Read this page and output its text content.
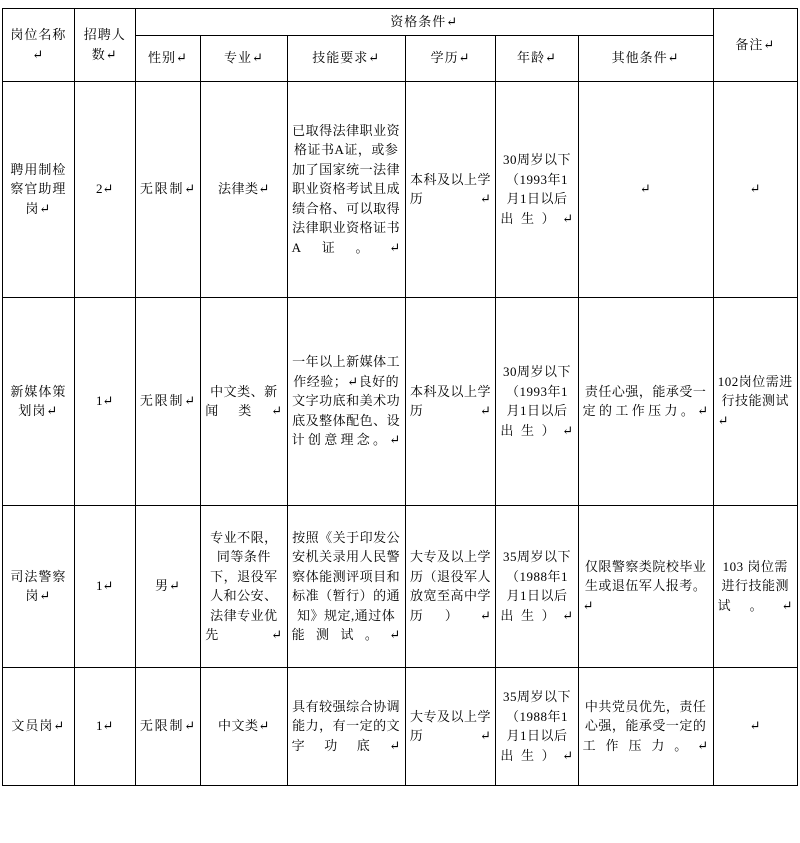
岗位名称↵	招聘人数↵	资格条件↵						备注↵
		性别↵	专业↵	技能要求↵	学历↵	年龄↵	其他条件↵	
聘用制检察官助理岗↵	2↵	无限制↵	法律类↵	已取得法律职业资格证书A证，或参加了国家统一法律职业资格考试且成绩合格、可以取得法律职业资格证书A证。↵	本科及以上学历↵	30周岁以下（1993年1月1日以后出生）↵	↵	↵
新媒体策划岗↵	1↵	无限制↵	中文类、新闻类↵	一年以上新媒体工作经验；↵良好的文字功底和美术功底及整体配色、设计创意理念。↵	本科及以上学历↵	30周岁以下（1993年1月1日以后出生）↵	责任心强，能承受一定的工作压力。↵	102岗位需进行技能测试↵
司法警察岗↵	1↵	男↵	专业不限，同等条件下，退役军人和公安、法律专业优先↵	按照《关于印发公安机关录用人民警察体能测评项目和标准（暂行）的通知》规定,通过体能测试。↵	大专及以上学历（退役军人放宽至高中学历）↵	35周岁以下（1988年1月1日以后出生）↵	仅限警察类院校毕业生或退伍军人报考。↵	103 岗位需进行技能测试。↵
文员岗↵	1↵	无限制↵	中文类↵	具有较强综合协调能力，有一定的文字功底↵	大专及以上学历↵	35周岁以下（1988年1月1日以后出生）↵	中共党员优先，责任心强，能承受一定的工作压力。↵	↵
